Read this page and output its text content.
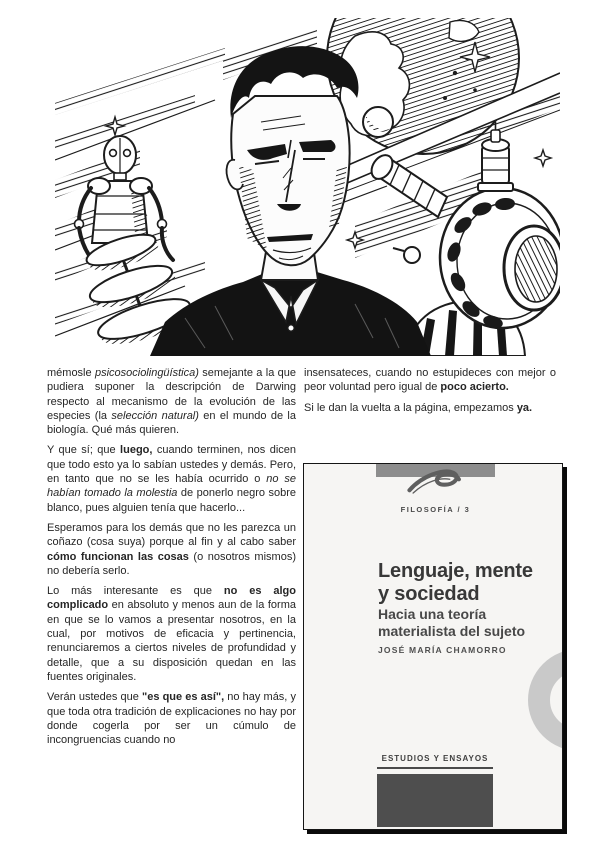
mémosle psicosociolingüística) semejante a la que pudiera suponer la descripción de Darwing respecto al mecanismo de la evolución de las especies (la selección natural) en el mundo de la biología. Qué más quieren.

Y que sí; que luego, cuando terminen, nos dicen que todo esto ya lo sabían ustedes y demás. Pero, en tanto que no se les había ocurrido o no se habían tomado la molestia de ponerlo negro sobre blanco, pues alguien tenía que hacerlo...

Esperamos para los demás que no les parezca un coñazo (cosa suya) porque al fin y al cabo saber cómo funcionan las cosas (o nosotros mismos) no debería serlo.

Lo más interesante es que no es algo complicado en absoluto y menos aun de la forma en que se lo vamos a presentar nosotros, en la cual, por motivos de eficacia y pertinencia, renunciaremos a ciertos niveles de profundidad y detalle, que a su disposición quedan en las fuentes originales.

Verán ustedes que "es que es así", no hay más, y que toda otra tradición de explicaciones no hay por donde cogerla por ser un cúmulo de incongruencias cuando no

insensateces, cuando no estupideces con mejor o peor voluntad pero igual de poco acierto.

Si le dan la vuelta a la página, empezamos ya.

FILOSOFÍA / 3
Lenguaje, mente
y sociedad
Hacia una teoría
materialista del sujeto
JOSÉ MARÍA CHAMORRO
ESTUDIOS Y ENSAYOS
